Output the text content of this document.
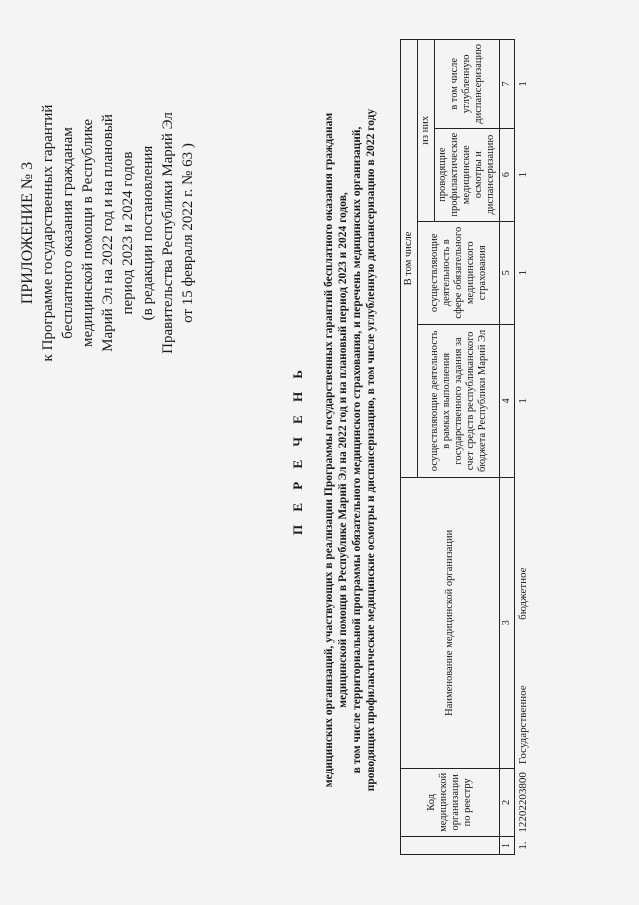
ПРИЛОЖЕНИЕ № 3 к Программе государственных гарантий бесплатного оказания гражданам медицинской помощи в Республике Марий Эл на 2022 год и на плановый период 2023 и 2024 годов (в редакции постановления Правительства Республики Марий Эл от 15 февраля 2022 г. № 63 )
П Е Р Е Ч Е Н Ь медицинских организаций, участвующих в реализации Программы государственных гарантий бесплатного оказания гражданам медицинской помощи в Республике Марий Эл на 2022 год и на плановый период 2023 и 2024 годов, в том числе территориальной программы обязательного медицинского страхования, и перечень медицинских организаций, проводящих профилактические медицинские осмотры и диспансеризацию, в том числе углубленную диспансеризацию в 2022 году
	Код медицинской организации по реестру	Наименование медицинской организации	В том числе			
			осуществляющие деятельность в рамках выполнения государственного задания за счет средств республиканского бюджета Республики Марий Эл	осуществляющие деятельность в сфере обязательного медицинского страхования	из них	
					проводящие профилактические медицинские осмотры и диспансеризацию	в том числе углубленную диспансеризацию
1	2	3	4	5	6	7
1.	12202203800	Государственное  бюджетное	1	1	1	1
